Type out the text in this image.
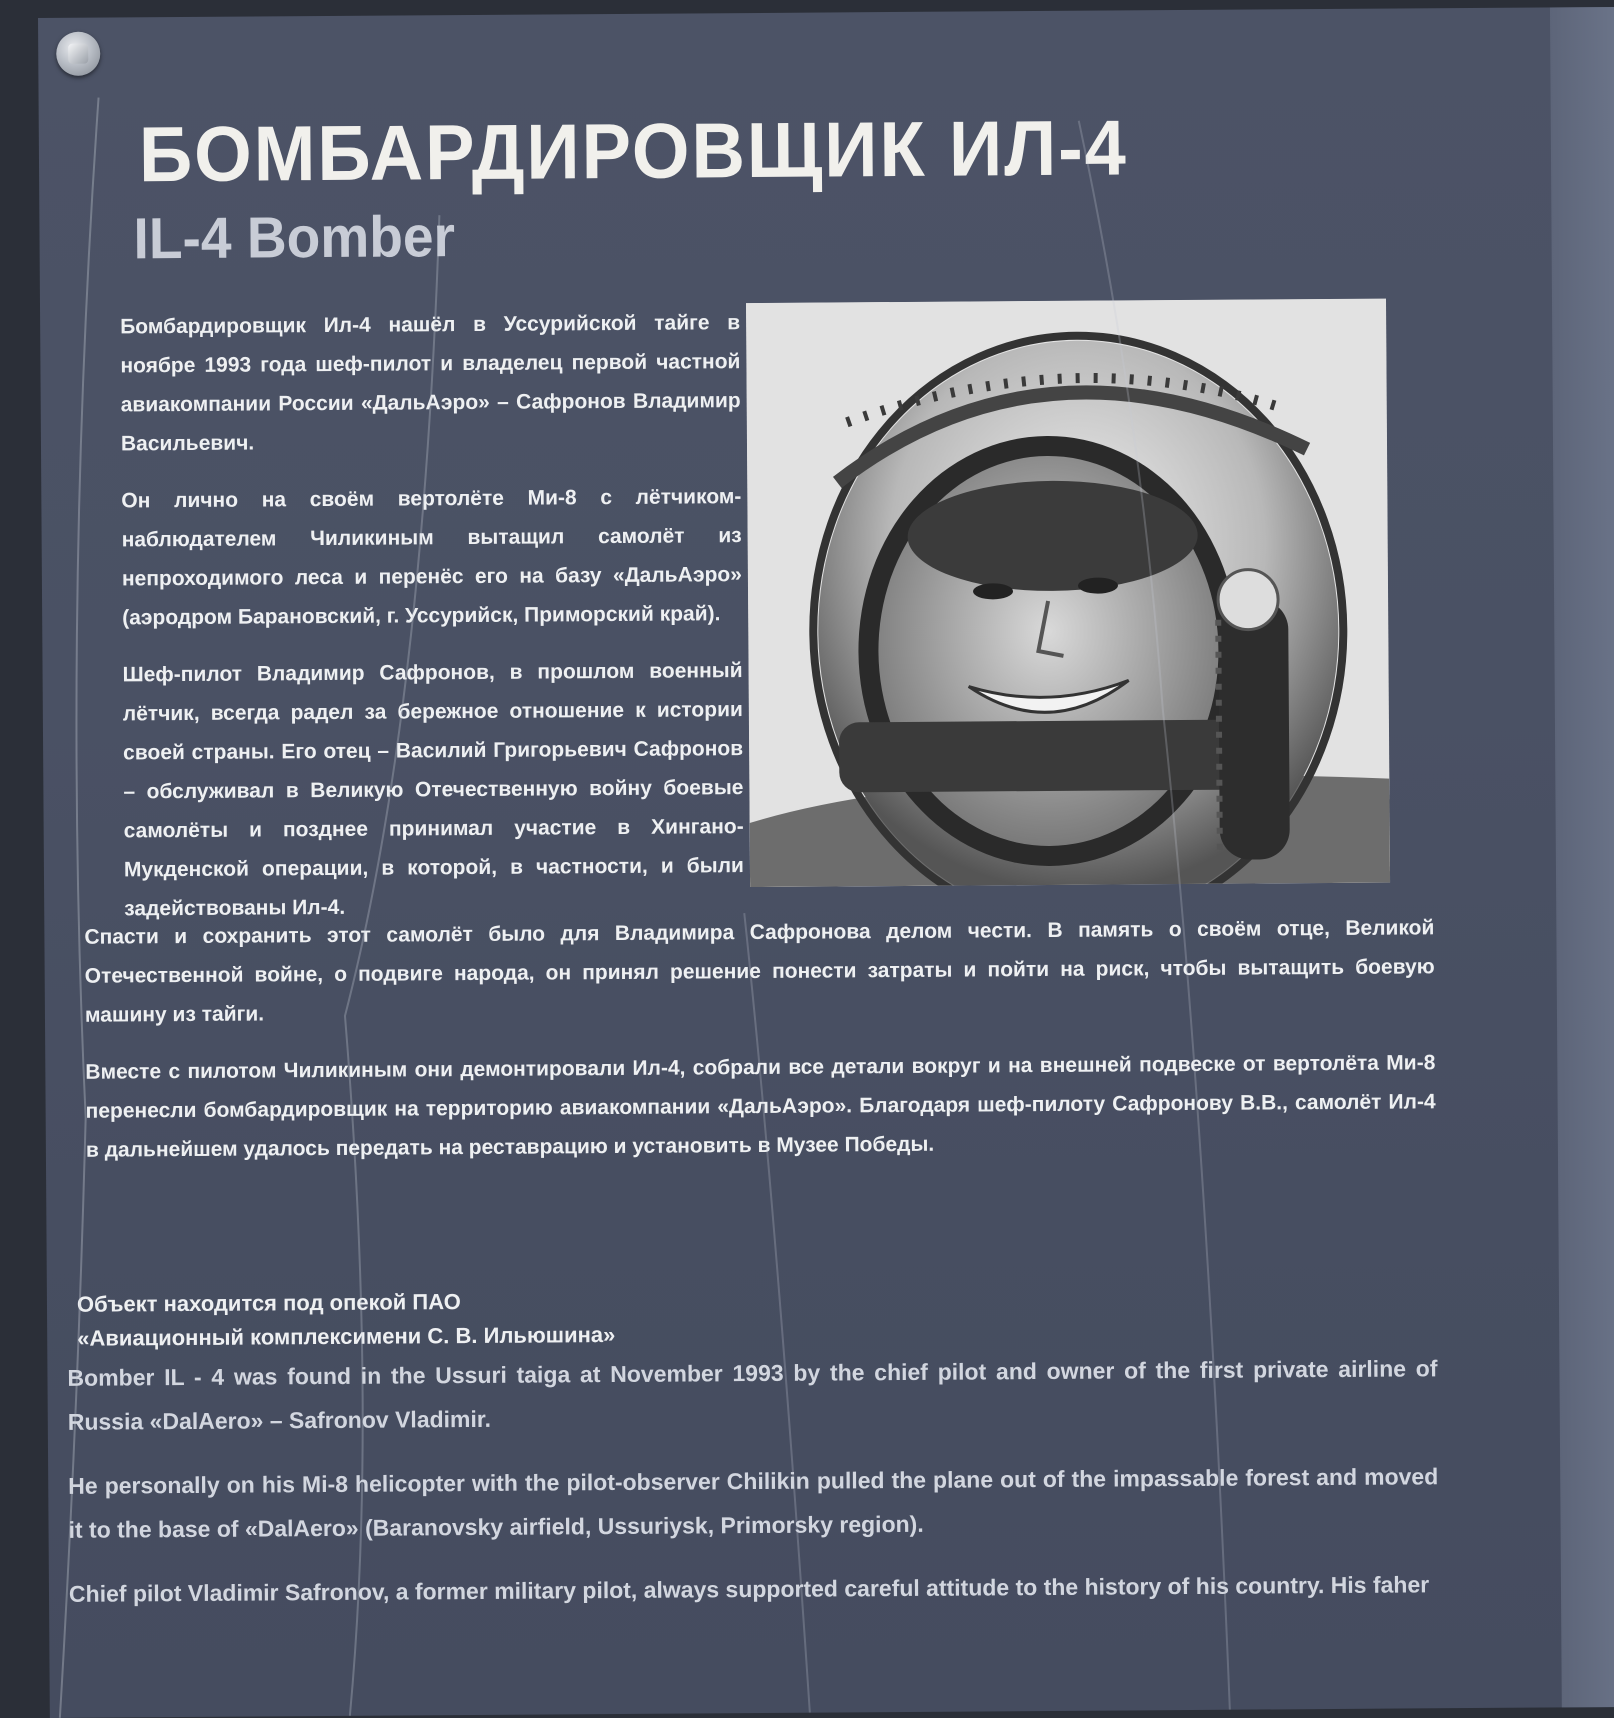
БОМБАРДИРОВЩИК ИЛ-4
IL-4 Bomber

Бомбардировщик Ил-4 нашёл в Уссурийской тайге в ноябре 1993 года шеф-пилот и владелец первой частной авиакомпании России «ДальАэро» – Сафронов Владимир Васильевич.

Он лично на своём вертолёте Ми-8 с лётчиком-наблюдателем Чиликиным вытащил самолёт из непроходимого леса и перенёс его на базу «ДальАэро» (аэродром Барановский, г. Уссурийск, Приморский край).

Шеф-пилот Владимир Сафронов, в прошлом военный лётчик, всегда радел за бережное отношение к истории своей страны. Его отец – Василий Григорьевич Сафронов – обслуживал в Великую Отечественную войну боевые самолёты и позднее принимал участие в Хингано-Мукденской операции, в которой, в частности, и были задействованы Ил-4.

Спасти и сохранить этот самолёт было для Владимира Сафронова делом чести. В память о своём отце, Великой Отечественной войне, о подвиге народа, он принял решение понести затраты и пойти на риск, чтобы вытащить боевую машину из тайги.

Вместе с пилотом Чиликиным они демонтировали Ил-4, собрали все детали вокруг и на внешней подвеске от вертолёта Ми-8 перенесли бомбардировщик на территорию авиакомпании «ДальАэро». Благодаря шеф-пилоту Сафронову В.В., самолёт Ил-4 в дальнейшем удалось передать на реставрацию и установить в Музее Победы.

Объект находится под опекой ПАО
«Авиационный комплексимени С. В. Ильюшина»

Bomber IL - 4 was found in the Ussuri taiga at November 1993 by the chief pilot and owner of the first private airline of Russia «DalAero» – Safronov Vladimir.

He personally on his Mi-8 helicopter with the pilot-observer Chilikin pulled the plane out of the impassable forest and moved it to the base of «DalAero» (Baranovsky airfield, Ussuriysk, Primorsky region).

Chief pilot Vladimir Safronov, a former military pilot, always supported careful attitude to the history of his country. His faher
